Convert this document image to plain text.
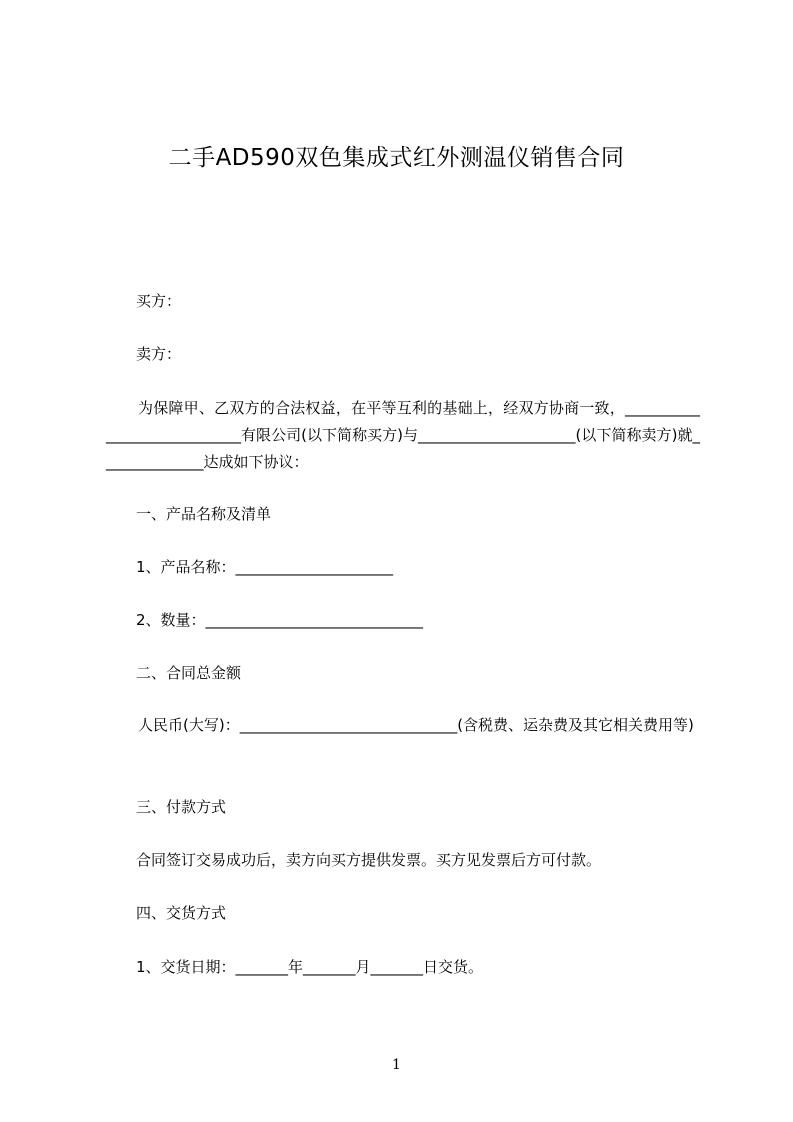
二手AD590双色集成式红外测温仪销售合同

买方：

卖方：

为保障甲、乙双方的合法权益，在平等互利的基础上，经双方协商一致，____________________________有限公司(以下简称买方)与_____________________(以下简称卖方)就______________达成如下协议：

一、产品名称及清单

1、产品名称：_____________________

2、数量：_____________________________

二、合同总金额

人民币(大写)：_____________________________(含税费、运杂费及其它相关费用等)

三、付款方式

合同签订交易成功后，卖方向买方提供发票。买方见发票后方可付款。

四、交货方式

1、交货日期：_______年_______月_______日交货。

1
